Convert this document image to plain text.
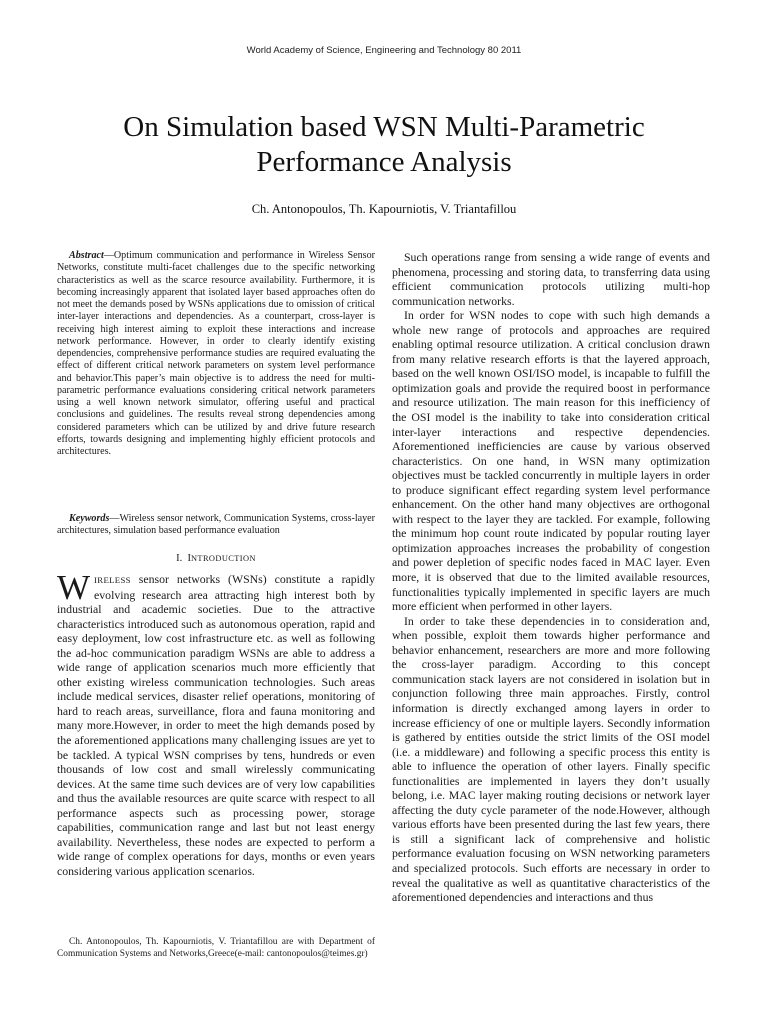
World Academy of Science, Engineering and Technology 80 2011
On Simulation based WSN Multi-Parametric
Performance Analysis
Ch. Antonopoulos, Th. Kapourniotis, V. Triantafillou
Abstract—Optimum communication and performance in Wireless Sensor Networks, constitute multi-facet challenges due to the specific networking characteristics as well as the scarce resource availability. Furthermore, it is becoming increasingly apparent that isolated layer based approaches often do not meet the demands posed by WSNs applications due to omission of critical inter-layer interactions and dependencies. As a counterpart, cross-layer is receiving high interest aiming to exploit these interactions and increase network performance. However, in order to clearly identify existing dependencies, comprehensive performance studies are required evaluating the effect of different critical network parameters on system level performance and behavior.This paper’s main objective is to address the need for multi-parametric performance evaluations considering critical network parameters using a well known network simulator, offering useful and practical conclusions and guidelines. The results reveal strong dependencies among considered parameters which can be utilized by and drive future research efforts, towards designing and implementing highly efficient protocols and architectures.
Keywords—Wireless sensor network, Communication Systems, cross-layer architectures, simulation based performance evaluation
I. INTRODUCTION
WIRELESS sensor networks (WSNs) constitute a rapidly evolving research area attracting high interest both by industrial and academic societies. Due to the attractive characteristics introduced such as autonomous operation, rapid and easy deployment, low cost infrastructure etc. as well as following the ad-hoc communication paradigm WSNs are able to address a wide range of application scenarios much more efficiently that other existing wireless communication technologies. Such areas include medical services, disaster relief operations, monitoring of hard to reach areas, surveillance, flora and fauna monitoring and many more.However, in order to meet the high demands posed by the aforementioned applications many challenging issues are yet to be tackled. A typical WSN comprises by tens, hundreds or even thousands of low cost and small wirelessly communicating devices. At the same time such devices are of very low capabilities and thus the available resources are quite scarce with respect to all performance aspects such as processing power, storage capabilities, communication range and last but not least energy availability. Nevertheless, these nodes are expected to perform a wide range of complex operations for days, months or even years considering various application scenarios.
Ch. Antonopoulos, Th. Kapourniotis, V. Triantafillou are with Department of Communication Systems and Networks,Greece(e-mail: cantonopoulos@teimes.gr)

Such operations range from sensing a wide range of events and phenomena, processing and storing data, to transferring data using efficient communication protocols utilizing multi-hop communication networks.

In order for WSN nodes to cope with such high demands a whole new range of protocols and approaches are required enabling optimal resource utilization. A critical conclusion drawn from many relative research efforts is that the layered approach, based on the well known OSI/ISO model, is incapable to fulfill the optimization goals and provide the required boost in performance and resource utilization. The main reason for this inefficiency of the OSI model is the inability to take into consideration critical inter-layer interactions and respective dependencies. Aforementioned inefficiencies are cause by various observed characteristics. On one hand, in WSN many optimization objectives must be tackled concurrently in multiple layers in order to produce significant effect regarding system level performance enhancement. On the other hand many objectives are orthogonal with respect to the layer they are tackled. For example, following the minimum hop count route indicated by popular routing layer optimization approaches increases the probability of congestion and power depletion of specific nodes faced in MAC layer. Even more, it is observed that due to the limited available resources, functionalities typically implemented in specific layers are much more efficient when performed in other layers.

In order to take these dependencies in to consideration and, when possible, exploit them towards higher performance and behavior enhancement, researchers are more and more following the cross-layer paradigm. According to this concept communication stack layers are not considered in isolation but in conjunction following three main approaches. Firstly, control information is directly exchanged among layers in order to increase efficiency of one or multiple layers. Secondly information is gathered by entities outside the strict limits of the OSI model (i.e. a middleware) and following a specific process this entity is able to influence the operation of other layers. Finally specific functionalities are implemented in layers they don’t usually belong, i.e. MAC layer making routing decisions or network layer affecting the duty cycle parameter of the node.However, although various efforts have been presented during the last few years, there is still a significant lack of comprehensive and holistic performance evaluation focusing on WSN networking parameters and specialized protocols. Such efforts are necessary in order to reveal the qualitative as well as quantitative characteristics of the aforementioned dependencies and interactions and thus
